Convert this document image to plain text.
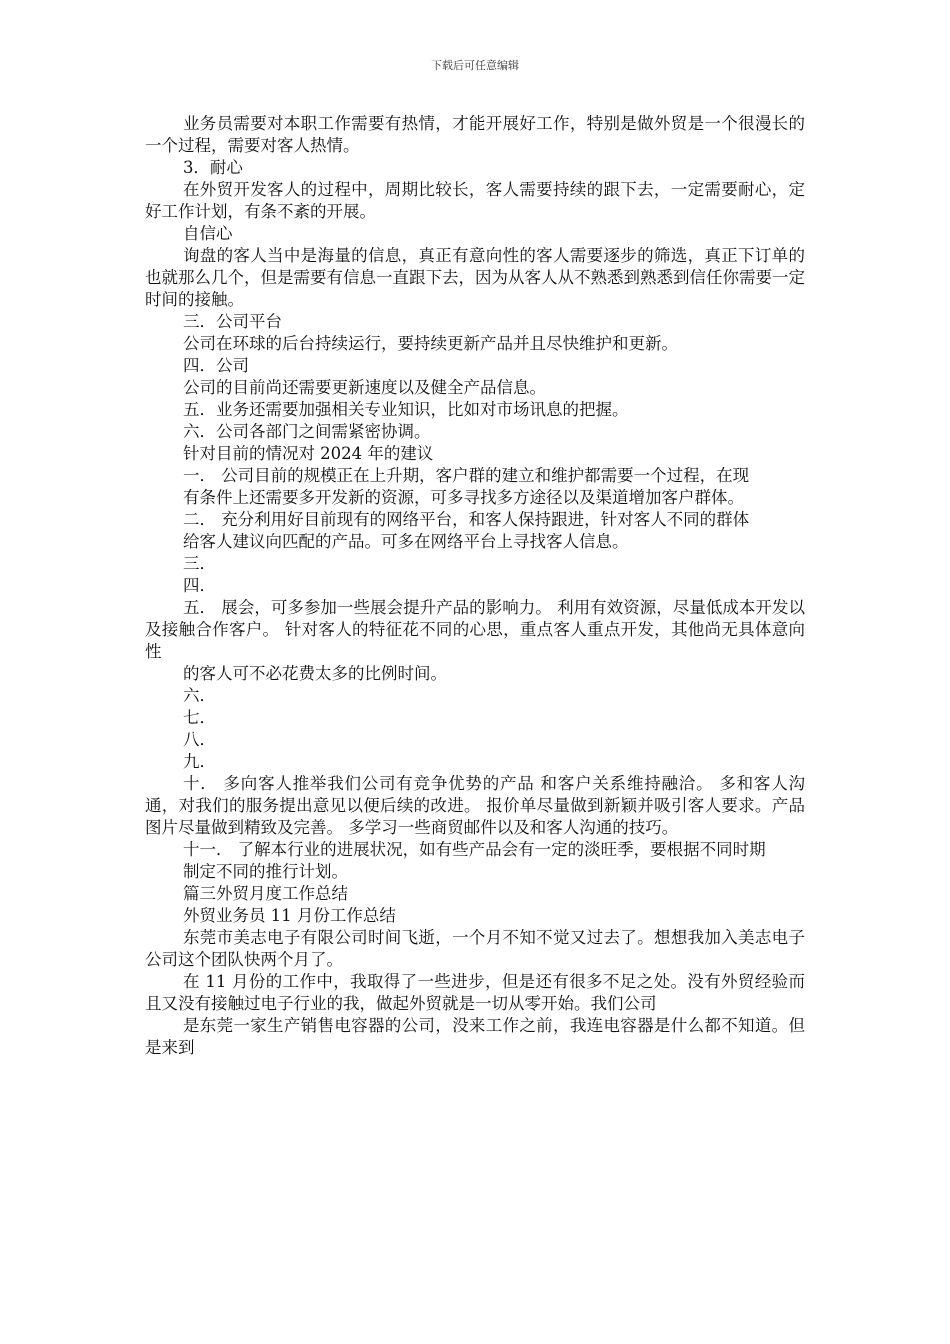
下载后可任意编辑

业务员需要对本职工作需要有热情，才能开展好工作，特别是做外贸是一个很漫长的一个过程，需要对客人热情。

3．耐心

在外贸开发客人的过程中，周期比较长，客人需要持续的跟下去，一定需要耐心，定好工作计划，有条不紊的开展。

自信心

询盘的客人当中是海量的信息，真正有意向性的客人需要逐步的筛选，真正下订单的也就那么几个，但是需要有信息一直跟下去，因为从客人从不熟悉到熟悉到信任你需要一定时间的接触。

三．公司平台

公司在环球的后台持续运行，要持续更新产品并且尽快维护和更新。

四．公司

公司的目前尚还需要更新速度以及健全产品信息。

五．业务还需要加强相关专业知识，比如对市场讯息的把握。

六．公司各部门之间需紧密协调。

针对目前的情况对 2024 年的建议

一． 公司目前的规模正在上升期，客户群的建立和维护都需要一个过程，在现

有条件上还需要多开发新的资源，可多寻找多方途径以及渠道增加客户群体。

二． 充分利用好目前现有的网络平台，和客人保持跟进，针对客人不同的群体

给客人建议向匹配的产品。可多在网络平台上寻找客人信息。

三．

四．

五． 展会，可多参加一些展会提升产品的影响力。 利用有效资源，尽量低成本开发以及接触合作客户。 针对客人的特征花不同的心思，重点客人重点开发，其他尚无具体意向性

的客人可不必花费太多的比例时间。

六．

七．

八．

九．

十． 多向客人推举我们公司有竞争优势的产品 和客户关系维持融洽。 多和客人沟通，对我们的服务提出意见以便后续的改进。 报价单尽量做到新颖并吸引客人要求。产品图片尽量做到精致及完善。 多学习一些商贸邮件以及和客人沟通的技巧。

十一． 了解本行业的进展状况，如有些产品会有一定的淡旺季，要根据不同时期

制定不同的推行计划。

篇三外贸月度工作总结

外贸业务员 11 月份工作总结

东莞市美志电子有限公司时间飞逝，一个月不知不觉又过去了。想想我加入美志电子公司这个团队快两个月了。

在 11 月份的工作中，我取得了一些进步，但是还有很多不足之处。没有外贸经验而且又没有接触过电子行业的我，做起外贸就是一切从零开始。我们公司

是东莞一家生产销售电容器的公司，没来工作之前，我连电容器是什么都不知道。但是来到
